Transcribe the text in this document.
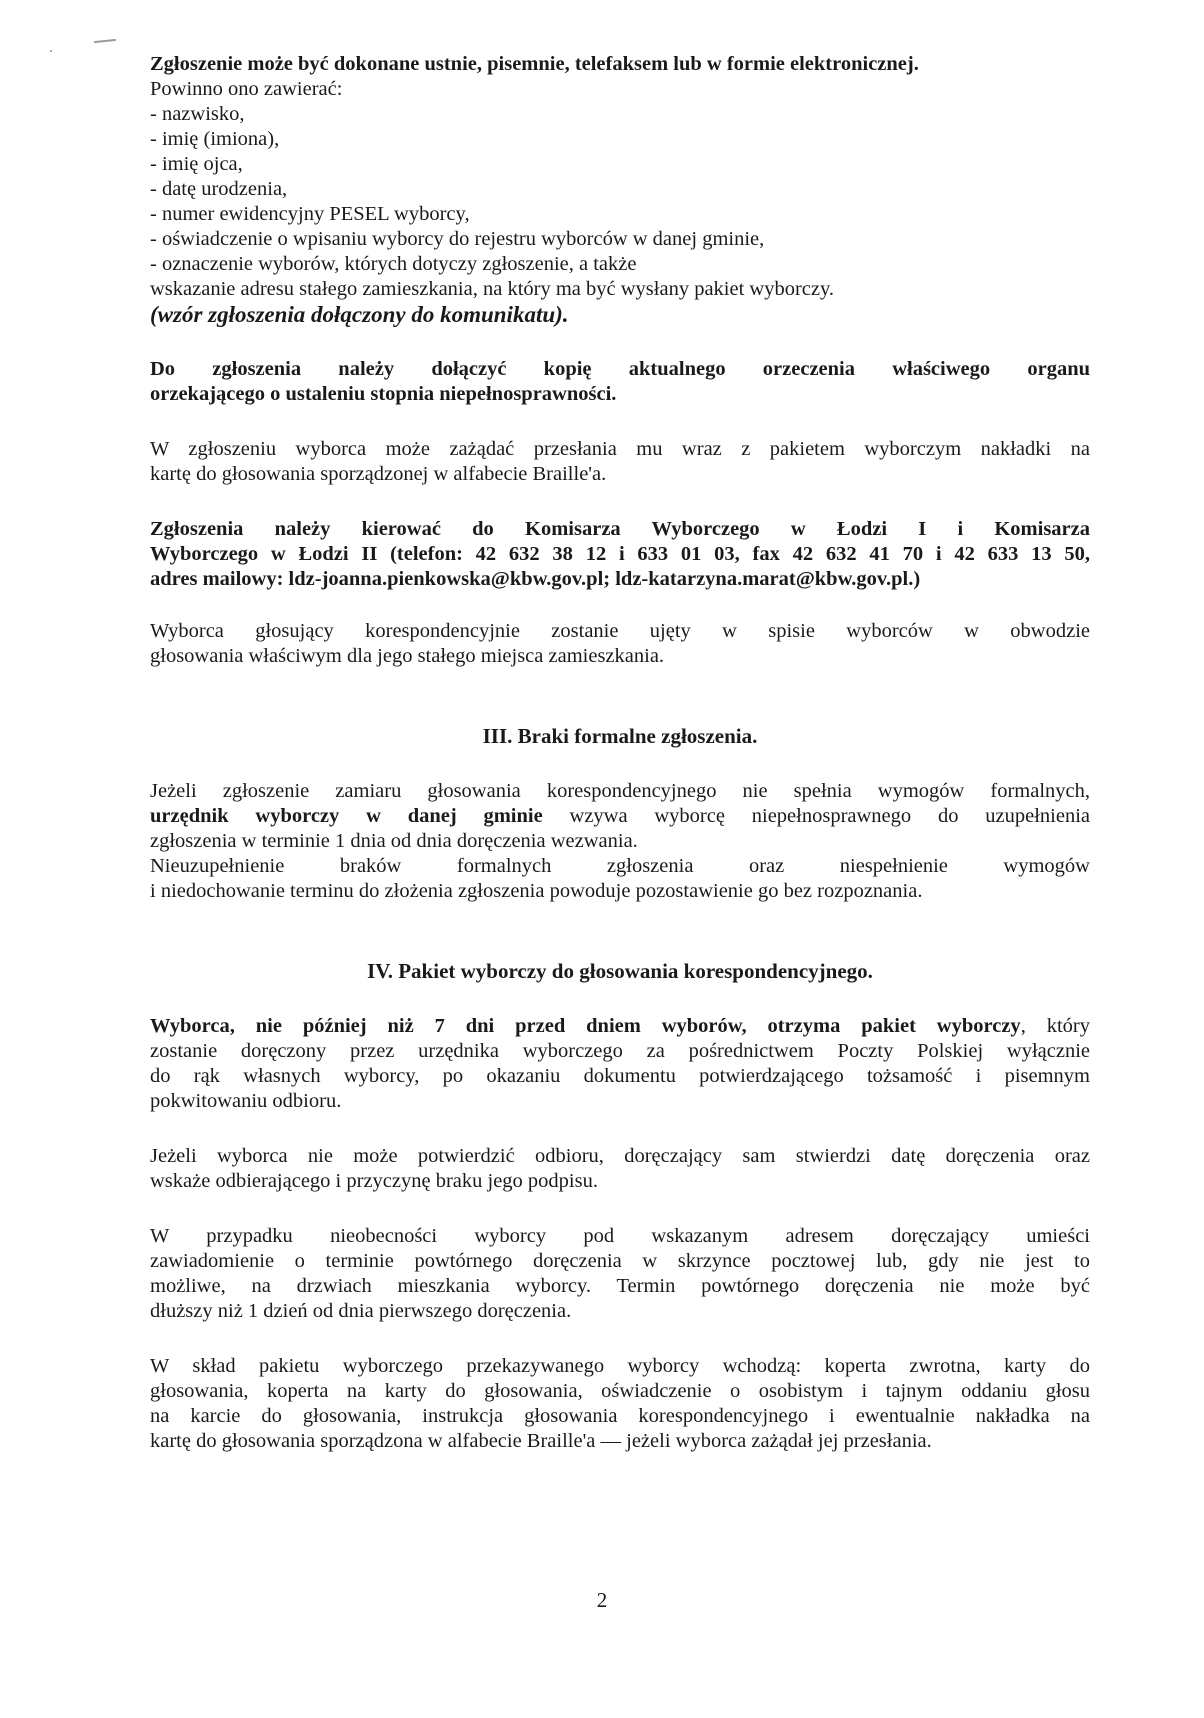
Zgłoszenie może być dokonane ustnie, pisemnie, telefaksem lub w formie elektronicznej.
Powinno ono zawierać:
- nazwisko,
- imię (imiona),
- imię ojca,
- datę urodzenia,
- numer ewidencyjny PESEL wyborcy,
- oświadczenie o wpisaniu wyborcy do rejestru wyborców w danej gminie,
- oznaczenie wyborów, których dotyczy zgłoszenie, a także
wskazanie adresu stałego zamieszkania, na który ma być wysłany pakiet wyborczy.
(wzór zgłoszenia dołączony do komunikatu).
Do zgłoszenia należy dołączyć kopię aktualnego orzeczenia właściwego organu
orzekającego o ustaleniu stopnia niepełnosprawności.
W zgłoszeniu wyborca może zażądać przesłania mu wraz z pakietem wyborczym nakładki na
kartę do głosowania sporządzonej w alfabecie Braille'a.
Zgłoszenia należy kierować do Komisarza Wyborczego w Łodzi I i Komisarza
Wyborczego w Łodzi II (telefon: 42 632 38 12 i 633 01 03, fax 42 632 41 70 i 42 633 13 50,
adres mailowy: ldz-joanna.pienkowska@kbw.gov.pl; ldz-katarzyna.marat@kbw.gov.pl.)
Wyborca głosujący korespondencyjnie zostanie ujęty w spisie wyborców w obwodzie
głosowania właściwym dla jego stałego miejsca zamieszkania.
III. Braki formalne zgłoszenia.
Jeżeli zgłoszenie zamiaru głosowania korespondencyjnego nie spełnia wymogów formalnych,
urzędnik wyborczy w danej gminie wzywa wyborcę niepełnosprawnego do uzupełnienia
zgłoszenia w terminie 1 dnia od dnia doręczenia wezwania.
Nieuzupełnienie braków formalnych zgłoszenia oraz niespełnienie wymogów
i niedochowanie terminu do złożenia zgłoszenia powoduje pozostawienie go bez rozpoznania.
IV. Pakiet wyborczy do głosowania korespondencyjnego.
Wyborca, nie później niż 7 dni przed dniem wyborów, otrzyma pakiet wyborczy, który
zostanie doręczony przez urzędnika wyborczego za pośrednictwem Poczty Polskiej wyłącznie
do rąk własnych wyborcy, po okazaniu dokumentu potwierdzającego tożsamość i pisemnym
pokwitowaniu odbioru.
Jeżeli wyborca nie może potwierdzić odbioru, doręczający sam stwierdzi datę doręczenia oraz
wskaże odbierającego i przyczynę braku jego podpisu.
W przypadku nieobecności wyborcy pod wskazanym adresem doręczający umieści
zawiadomienie o terminie powtórnego doręczenia w skrzynce pocztowej lub, gdy nie jest to
możliwe, na drzwiach mieszkania wyborcy. Termin powtórnego doręczenia nie może być
dłuższy niż 1 dzień od dnia pierwszego doręczenia.
W skład pakietu wyborczego przekazywanego wyborcy wchodzą: koperta zwrotna, karty do
głosowania, koperta na karty do głosowania, oświadczenie o osobistym i tajnym oddaniu głosu
na karcie do głosowania, instrukcja głosowania korespondencyjnego i ewentualnie nakładka na
kartę do głosowania sporządzona w alfabecie Braille'a — jeżeli wyborca zażądał jej przesłania.
2
